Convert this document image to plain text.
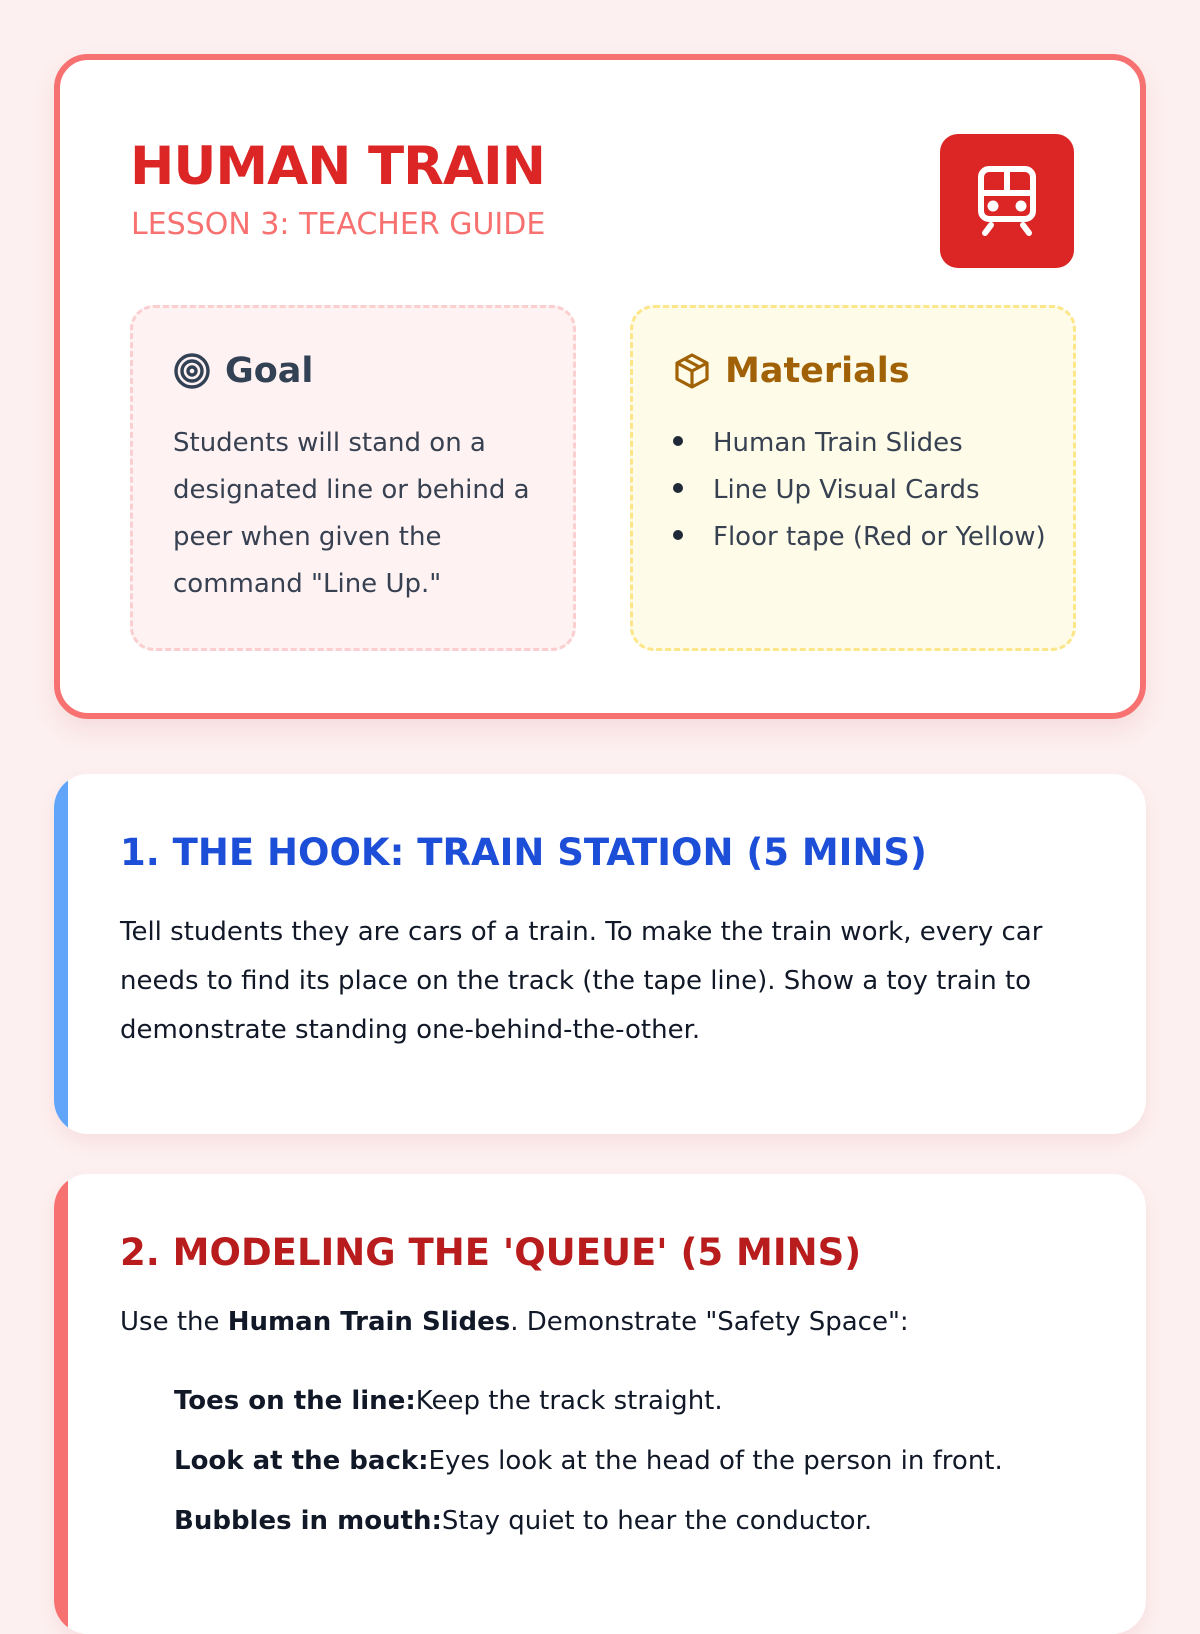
HUMAN TRAIN
LESSON 3: TEACHER GUIDE
Goal

Students will stand on a designated line or behind a peer when given the command "Line Up."

Materials
Human Train Slides
Line Up Visual Cards
Floor tape (Red or Yellow)
1. THE HOOK: TRAIN STATION (5 MINS)

Tell students they are cars of a train. To make the train work, every car needs to find its place on the track (the tape line). Show a toy train to demonstrate standing one-behind-the-other.

2. MODELING THE 'QUEUE' (5 MINS)

Use the Human Train Slides. Demonstrate "Safety Space":

Toes on the line:Keep the track straight.
Look at the back:Eyes look at the head of the person in front.
Bubbles in mouth:Stay quiet to hear the conductor.
